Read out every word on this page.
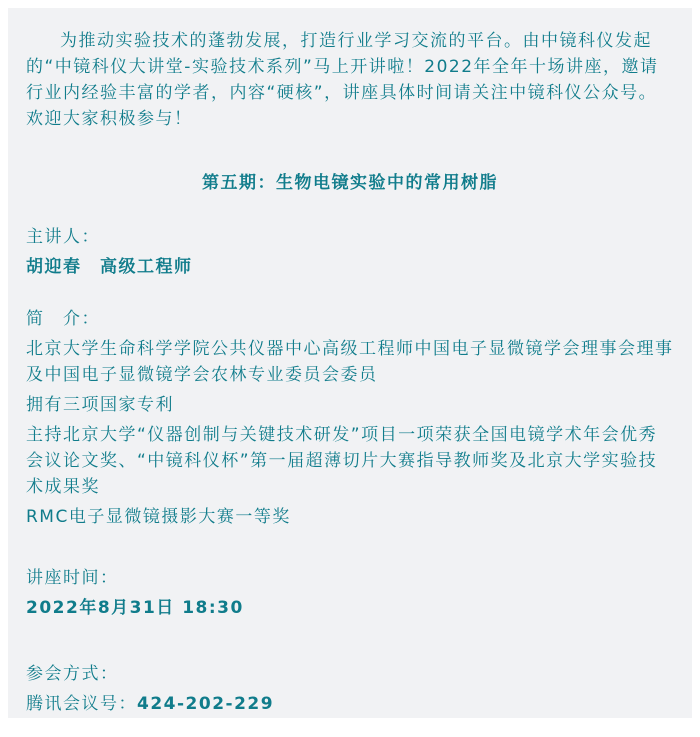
为推动实验技术的蓬勃发展，打造行业学习交流的平台。由中镜科仪发起的“中镜科仪大讲堂-实验技术系列”马上开讲啦！2022年全年十场讲座，邀请行业内经验丰富的学者，内容“硬核”，讲座具体时间请关注中镜科仪公众号。欢迎大家积极参与！

第五期：生物电镜实验中的常用树脂

主讲人：

胡迎春　高级工程师

简　介：

北京大学生命科学学院公共仪器中心高级工程师中国电子显微镜学会理事会理事及中国电子显微镜学会农林专业委员会委员

拥有三项国家专利

主持北京大学“仪器创制与关键技术研发”项目一项荣获全国电镜学术年会优秀会议论文奖、“中镜科仪杯”第一届超薄切片大赛指导教师奖及北京大学实验技术成果奖

RMC电子显微镜摄影大赛一等奖

讲座时间：

2022年8月31日 18:30

参会方式：

腾讯会议号：424-202-229
